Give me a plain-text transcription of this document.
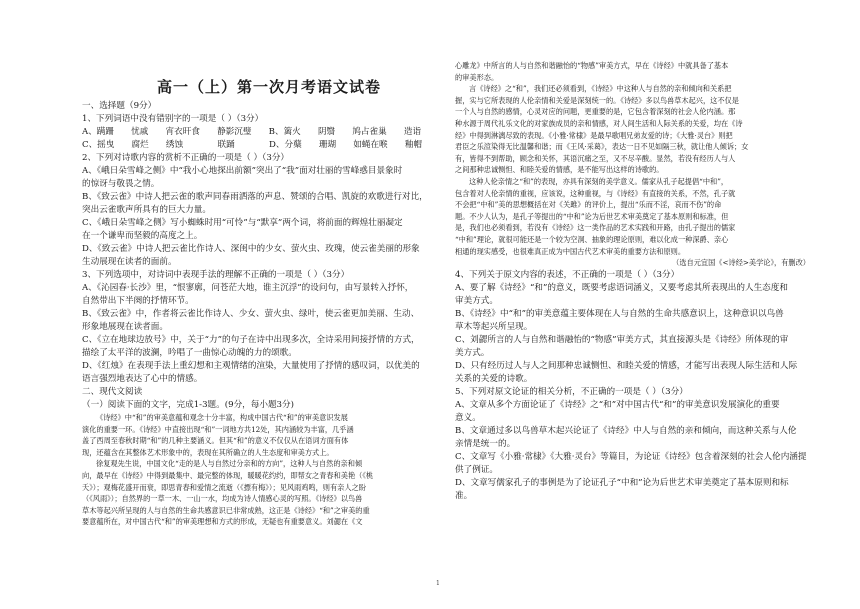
高一（上）第一次月考语文试卷
一、选择题（9分）
1、下列词语中没有错别字的一项是（ ）（3分）
A、蹒跚　　忧戚　　宵衣旰食　　静影沉璧　　B、篱火　　阴翳　　鸠占雀巢　　造诣
C、摇曳　　腐烂　　绣蚀　　　　联踊　　　　D、分蘖　　珊瑚　　如蝇在喉　　釉帽
2、下列对诗歌内容的赏析不正确的一项是（ ）（3分）
A、《峨日朵雪峰之侧》中“我小心地探出前额”突出了“我”面对壮丽的雪峰惑目景象时
的惊讶与敬畏之情。
B、《致云雀》中诗人把云雀的歌声同春雨洒落的声息、赞颂的合唱、凯旋的欢歌进行对比，
突出云雀歌声所具有的巨大力量。
C、《峨日朵雪峰之侧》写小蜘蛛时用“可怜”与“默享”两个词，将前面的辉煌壮丽凝定
在一个谦卑而坚毅的高度之上。
D、《致云雀》中诗人把云雀比作诗人、深闺中的少女、萤火虫、玫瑰，使云雀美丽的形象
生动展现在读者的面前。
3、下列选项中，对诗词中表现手法的理解不正确的一项是（ ）（3分）
A、《沁园春·长沙》里，“恨寥廓，问苍茫大地，谁主沉浮”的设问句，由写景转入抒怀，
自然带出下半阕的抒情环节。
B、《致云雀》中，作者将云雀比作诗人、少女、萤火虫、绿叶，使云雀更加美丽、生动、
形象地展现在读者面。
C、《立在地球边放号》中，关于“力”的句子在诗中出现多次，全诗采用间接抒情的方式，
描绘了太平洋的波澜，吟唱了一曲惊心动魄的力的颂歌。
D、《红烛》在表现手法上重幻想和主观情绪的渲染，大量使用了抒情的感叹词，以优美的
语言强烈地表达了心中的情感。
二、现代文阅读
（一）阅读下面的文字，完成1-3题。(9分，每小题3分)
《诗经》中“和”的审美意蕴和观念十分丰富，构成中国古代“和”的审美意识发展
演化的重要一环。《诗经》中直接出现“和”一词地方共12处，其内涵较为丰富，几乎涵
盖了西周至春秋时期“和”的几种主要涵义。但其“和”的意义不仅仅从在语词方面有体
现，还蕴含在其整体艺术形象中的，表现在其所确立的人生态度和审美方式上。
徐复观先生说，中国文化“走的是人与自然过分亲和的方向”，这种人与自然的亲和倾
向，最早在《诗经》中得到最集中、最完整的体现，暖暖花约约，即帮女之青春和美艳（《桃
夭》）；观梅花盛开而衰，即思青春和爱情之流逝（《摽有梅》）；见风雨鸡鸣，则有亲人之盼
（《风雨》）；自然界的一草一木、一山一水，均成为诗人情感心灵的写照。《诗经》以鸟兽
草木等起兴所呈现的人与自然的生命共感意识已非常成熟，这正是《诗经》“和”之审美的重
要意蕴所在，对中国古代“和”的审美理想和方式的形成，无疑也有重要意义。刘勰在《文
心雕龙》中所言的人与自然和谐融怡的“物感”审美方式，早在《诗经》中就具备了基本
的审美形态。
言《诗经》之“和”，我们还必须看到，《诗经》中这种人与自然的亲和倾向和关系把
握，实与它所表现的人伦亲情和关爱是深刻统一的。《诗经》多以鸟兽草木起兴，这不仅是
一个人与自然的感情，心灵对应的问题，更重要的是，它包含着深刻的社会人伦内涵。那
种水源于周代礼乐文化的对家族成员的亲和情感，对人间生活和人际关系的关爱，均在《诗
经》中得到淋漓尽致的表现。《小雅·常棣》是最早歌唱兄弟友爱的诗；《大雅·灵台》则把
君臣之乐渲染得无比温馨和谐；而《王风·采葛》，表达一日不见如隔三秋，就让他人倾诉；女
有，皆得不到帮助，顾念和关怀，其语沉痛之至，又不尽辛酸。显然，若没有经历人与人
之间那种忠诚恻怛、和睦关爱的情感，是不能写出这样的诗歌的。
这种人伦亲情之“和”的表现，亦具有深刻的美学意义。儒家从孔子起提倡“中和”，
包含着对人伦亲情的重视，应该说，这种重视，与《诗经》有直接的关系，不然，孔子就
不会把“中和”美的思想概括在对《关雎》的评价上，提出“乐而不淫，哀而不伤”的命
题。不少人认为，是孔子等提出的“中和”论为后世艺术审美奠定了基本原则和标准，但
是，我们也必须看到，若没有《诗经》这一类作品的艺术实践和开路，由孔子提出的儒家
“中和”理论，就很可能还是一个较为空洞、抽象的理论原则，难以化成一种深爵、亲心
相通的现实感受，也很难真正成为中国古代艺术审美的重要方法和原则。
（选自元宜国《<诗经>美学论》，有删改）
4、下列关于原文内容的表述，不正确的一项是（ ）（3分）
A、要了解《诗经》“和”的意义，既要考虑语词涵义，又要考虑其所表现出的人生态度和
审美方式。
B、《诗经》中“和”的审美意蕴主要体现在人与自然的生命共感意识上，这种意识以鸟兽
草木等起兴所呈现。
C、刘勰所言的人与自然和谐融怡的“物感”审美方式，其直接源头是《诗经》所体现的审
美方式。
D、只有经历过人与人之间那种忠诚恻怛、和睦关爱的情感，才能写出表现人际生活和人际
关系的关爱的诗歌。
5、下列对原文论证的相关分析，不正确的一项是（ ）（3分）
A、文章从多个方面论证了《诗经》之“和”对中国古代“和”的审美意识发展演化的重要
意义。
B、文章通过多以鸟兽草木起兴论证了《诗经》中人与自然的亲和倾向，而这种关系与人伦
亲情是统一的。
C、文章写《小雅·常棣》《大雅·灵台》等篇目，为论证《诗经》包含着深刻的社会人伦内涵提
供了例证。
D、文章写儒家孔子的事例是为了论证孔子“中和”论为后世艺术审美奠定了基本原则和标
准。
1
